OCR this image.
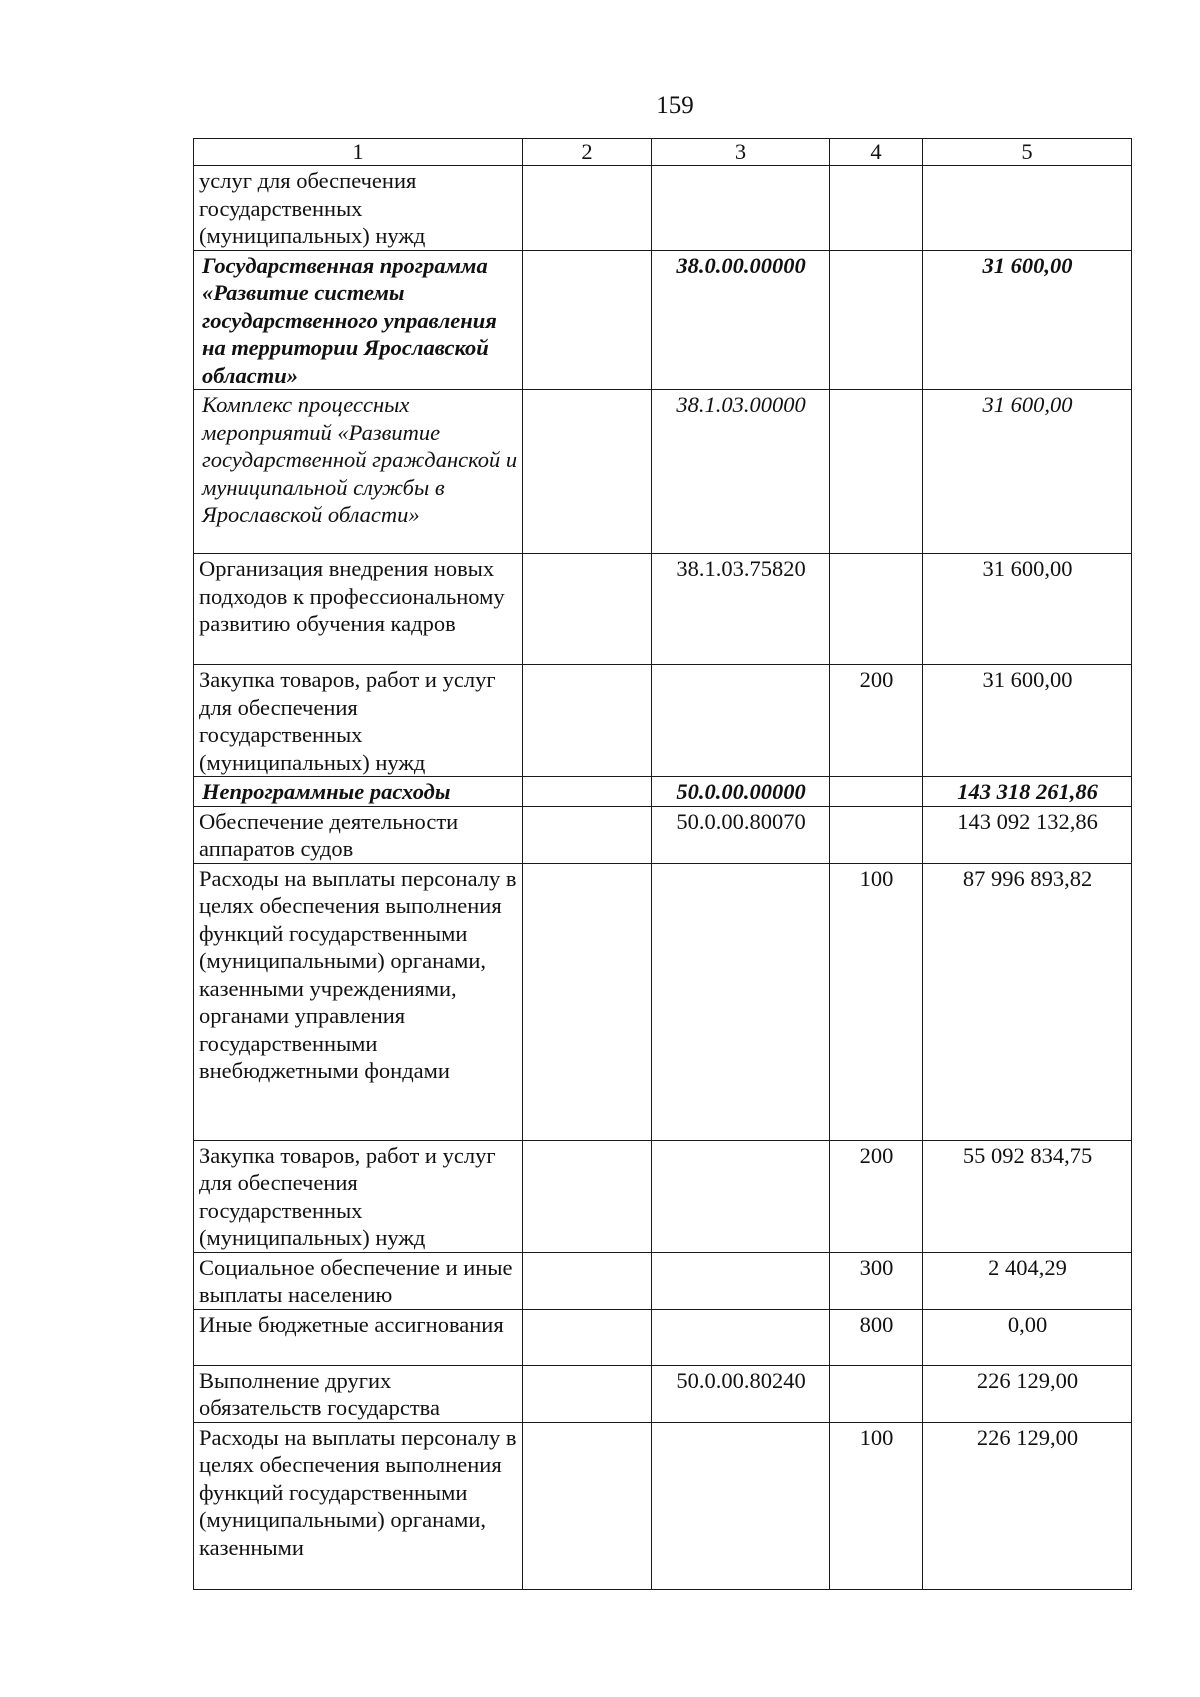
159
1	2	3	4	5
услуг для обеспечения государственных (муниципальных) нужд				
Государственная программа «Развитие системы государственного управления на территории Ярославской области»		38.0.00.00000		31 600,00
Комплекс процессных мероприятий «Развитие государственной гражданской и муниципальной службы в Ярославской области»		38.1.03.00000		31 600,00
Организация внедрения новых подходов к профессиональному развитию обучения кадров		38.1.03.75820		31 600,00
Закупка товаров, работ и услуг для обеспечения государственных (муниципальных) нужд			200	31 600,00
Непрограммные расходы		50.0.00.00000		143 318 261,86
Обеспечение деятельности аппаратов судов		50.0.00.80070		143 092 132,86
Расходы на выплаты персоналу в целях обеспечения выполнения функций государственными (муниципальными) органами, казенными учреждениями, органами управления государственными внебюджетными фондами			100	87 996 893,82
Закупка товаров, работ и услуг для обеспечения государственных (муниципальных) нужд			200	55 092 834,75
Социальное обеспечение и иные выплаты населению			300	2 404,29
Иные бюджетные ассигнования			800	0,00
Выполнение других обязательств государства		50.0.00.80240		226 129,00
Расходы на выплаты персоналу в целях обеспечения выполнения функций государственными (муниципальными) органами, казенными			100	226 129,00
